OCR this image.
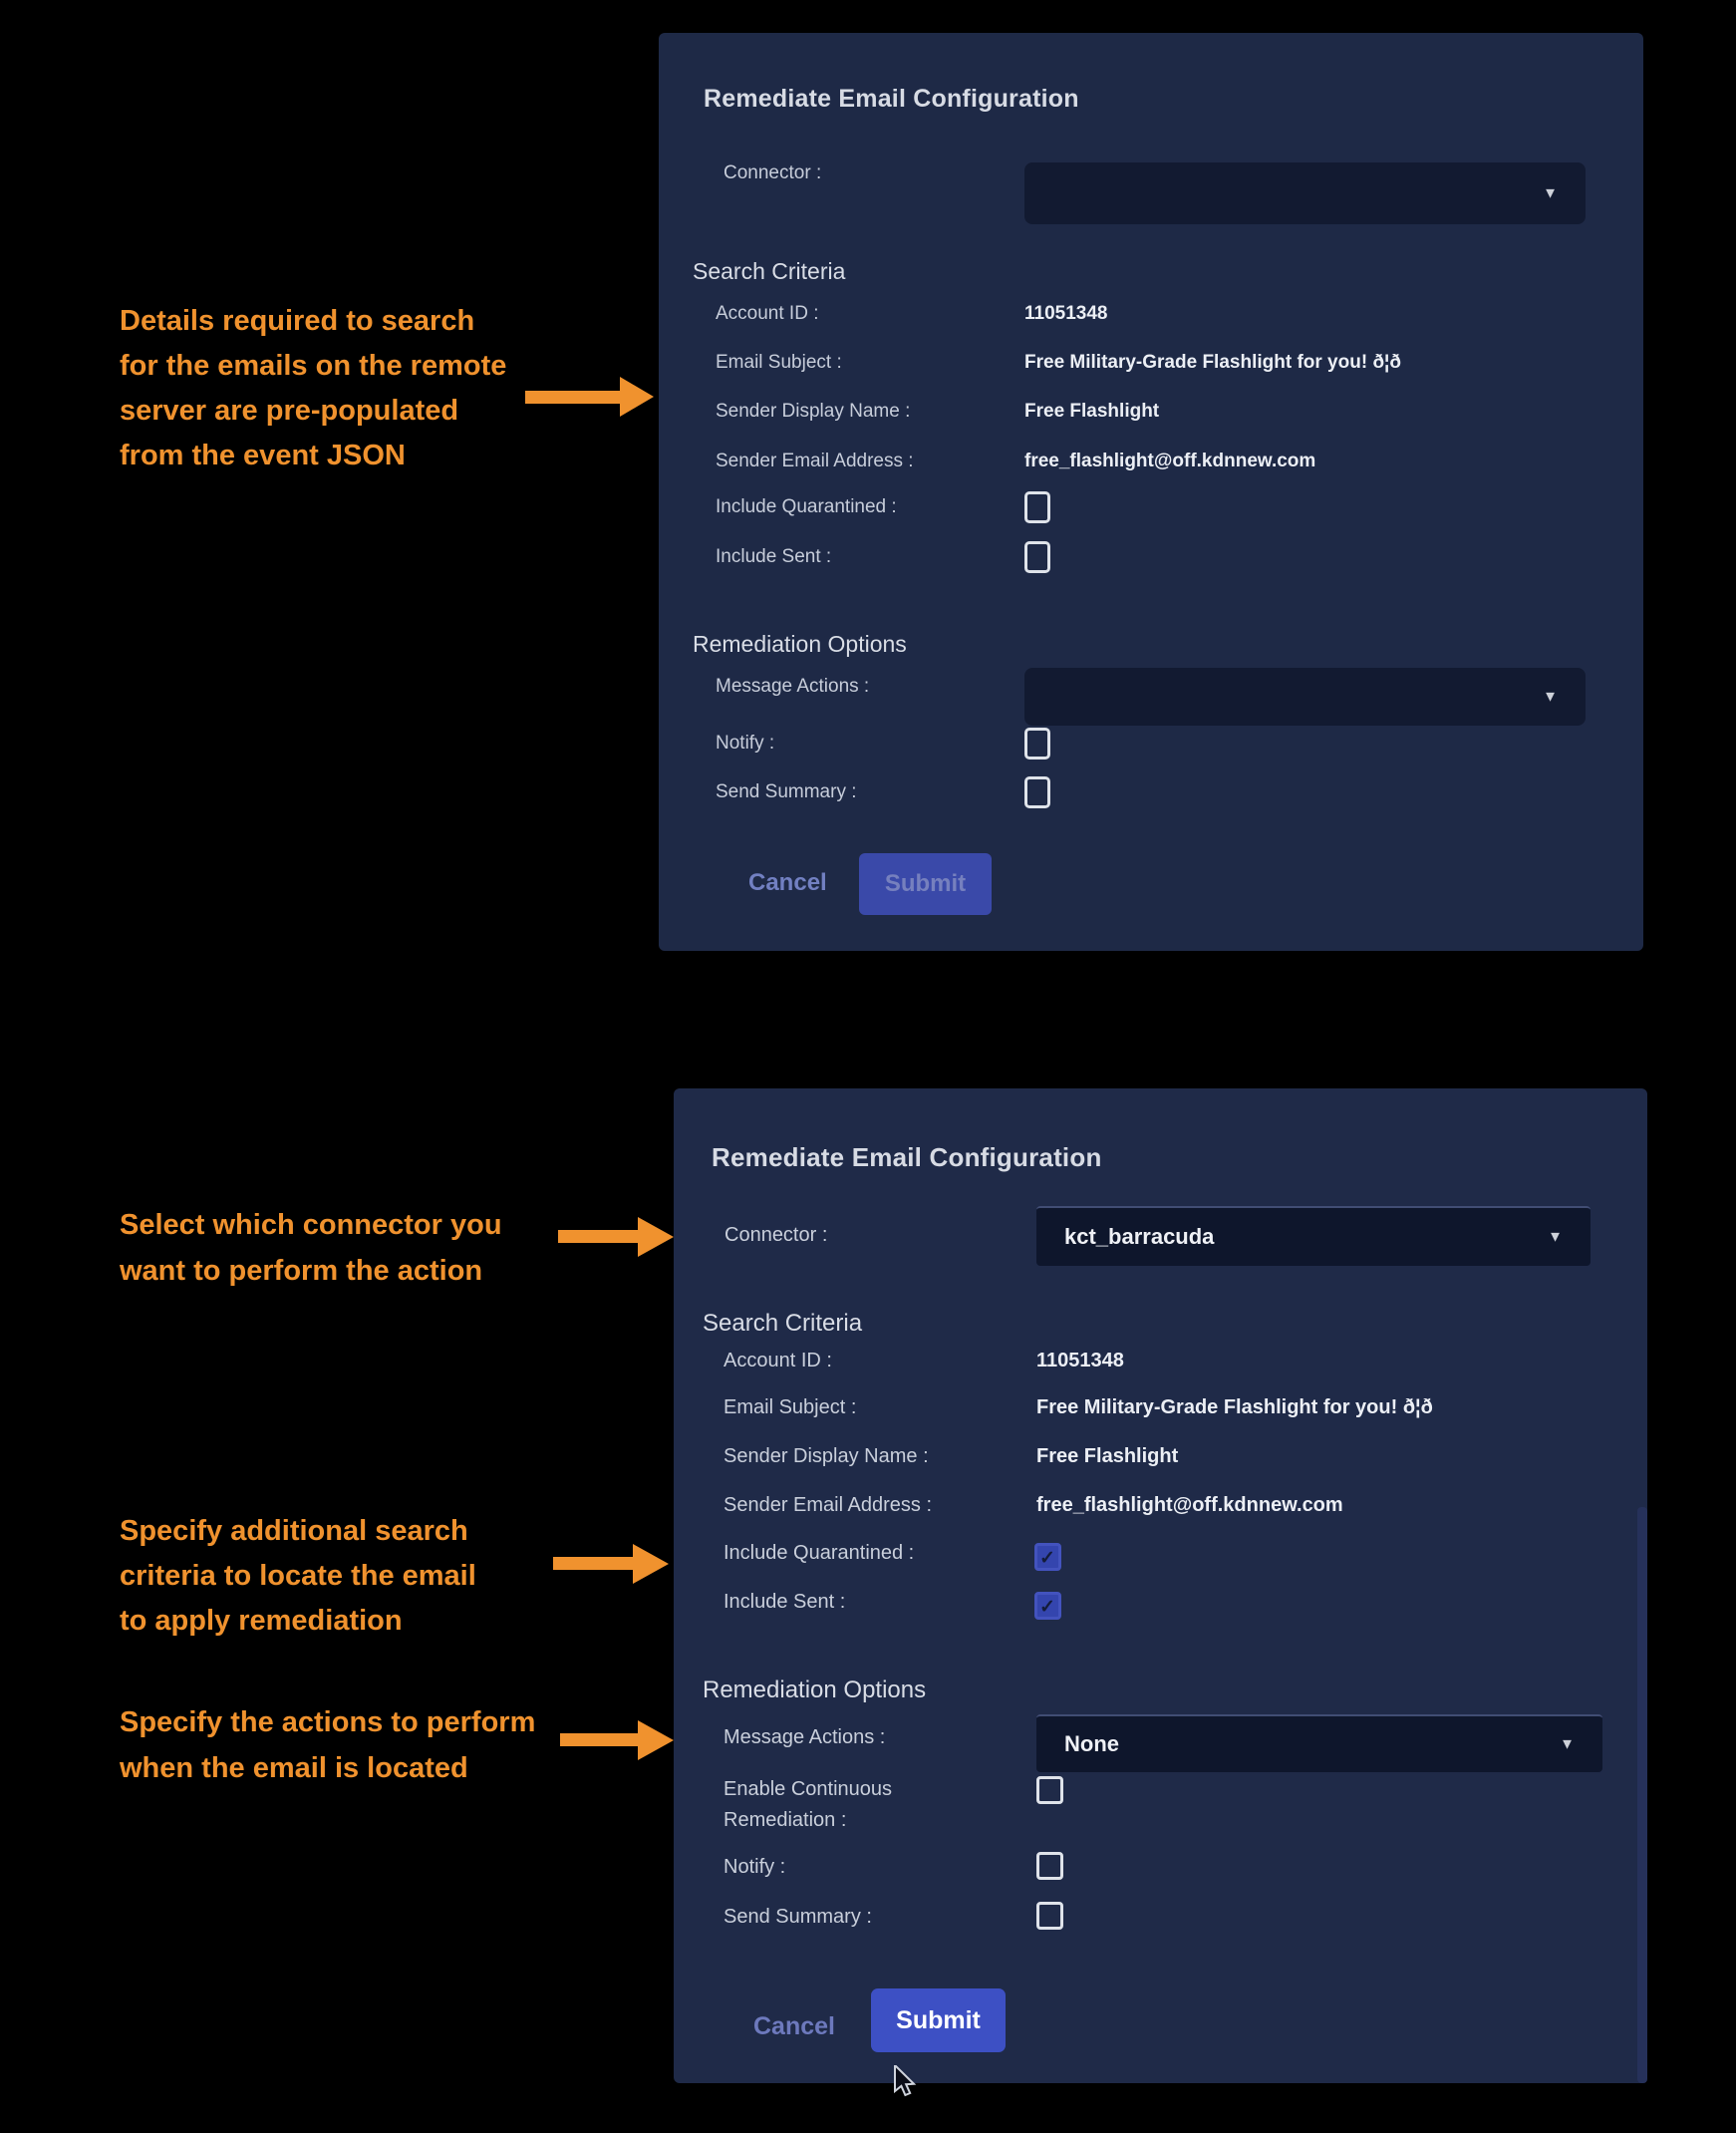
Remediate Email Configuration
Connector :
▼
Search Criteria
Account ID :	11051348
Email Subject :	Free Military-Grade Flashlight for you! ð¦ð
Sender Display Name :	Free Flashlight
Sender Email Address :	free_flashlight@off.kdnnew.com
Include Quarantined :
Include Sent :
Remediation Options
Message Actions :	▼
Notify :
Send Summary :
Cancel	Submit
Details required to search
for the emails on the remote
server are pre-populated
from the event JSON
Remediate Email Configuration
Connector :	kct_barracuda	▼
Search Criteria
Account ID :	11051348
Email Subject :	Free Military-Grade Flashlight for you! ð¦ð
Sender Display Name :	Free Flashlight
Sender Email Address :	free_flashlight@off.kdnnew.com
Include Quarantined :	✓
Include Sent :	✓
Remediation Options
Message Actions :	None	▼
Enable Continuous
Remediation :
Notify :
Send Summary :
Cancel	Submit
Select which connector you
want to perform the action
Specify additional search
criteria to locate the email
to apply remediation
Specify the actions to perform
when the email is located
